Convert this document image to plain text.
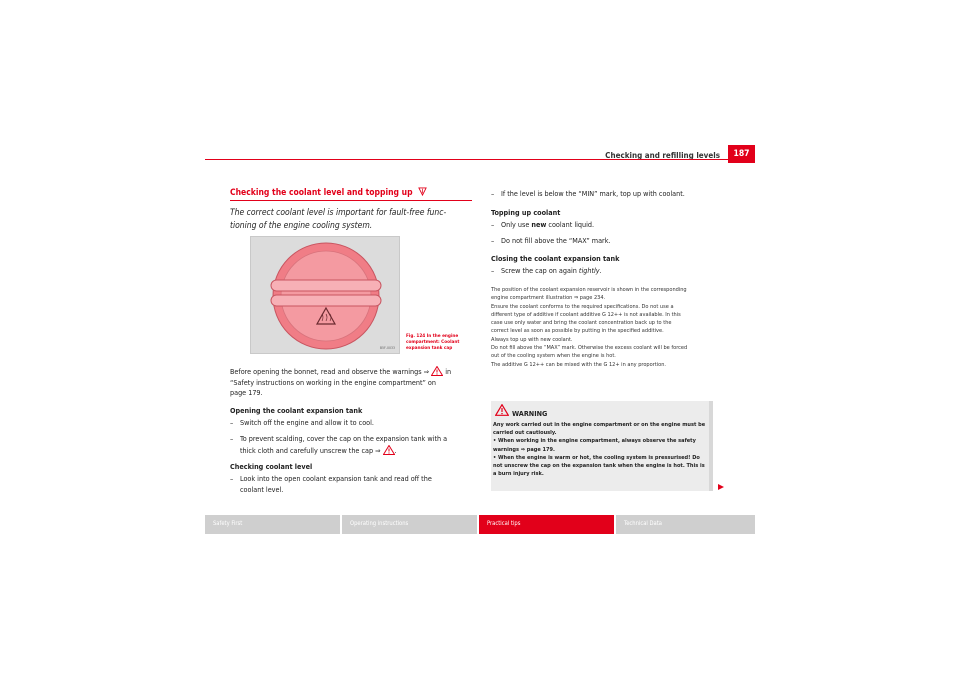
Checking and refilling levels	187
Checking the coolant level and topping up
The correct coolant level is important for fault-free func- tioning of the engine cooling system.
B5F-0033
Fig. 124 In the engine
compartment: Coolant
expansion tank cap
Before opening the bonnet, read and observe the warnings ⇒ in
“Safety instructions on working in the engine compartment” on
page 179.
Opening the coolant expansion tank
– Switch off the engine and allow it to cool.
– To prevent scalding, cover the cap on the expansion tank with a
thick cloth and carefully unscrew the cap ⇒ .
Checking coolant level
– Look into the open coolant expansion tank and read off the
coolant level.
– If the level is below the “MIN” mark, top up with coolant.
Topping up coolant
– Only use new coolant liquid.
– Do not fill above the “MAX” mark.
Closing the coolant expansion tank
– Screw the cap on again tightly.
The position of the coolant expansion reservoir is shown in the corresponding
engine compartment illustration ⇒ page 234.
Ensure the coolant conforms to the required specifications. Do not use a
different type of additive if coolant additive G 12++ is not available. In this
case use only water and bring the coolant concentration back up to the
correct level as soon as possible by putting in the specified additive.
Always top up with new coolant.
Do not fill above the “MAX” mark. Otherwise the excess coolant will be forced
out of the cooling system when the engine is hot.
The additive G 12++ can be mixed with the G 12+ in any proportion.
WARNING
Any work carried out in the engine compartment or on the engine must be
carried out cautiously.
• When working in the engine compartment, always observe the safety
warnings ⇒ page 179.
• When the engine is warm or hot, the cooling system is pressurised! Do
not unscrew the cap on the expansion tank when the engine is hot. This is
a burn injury risk.
Safety First	Operating instructions	Practical tips	Technical Data
